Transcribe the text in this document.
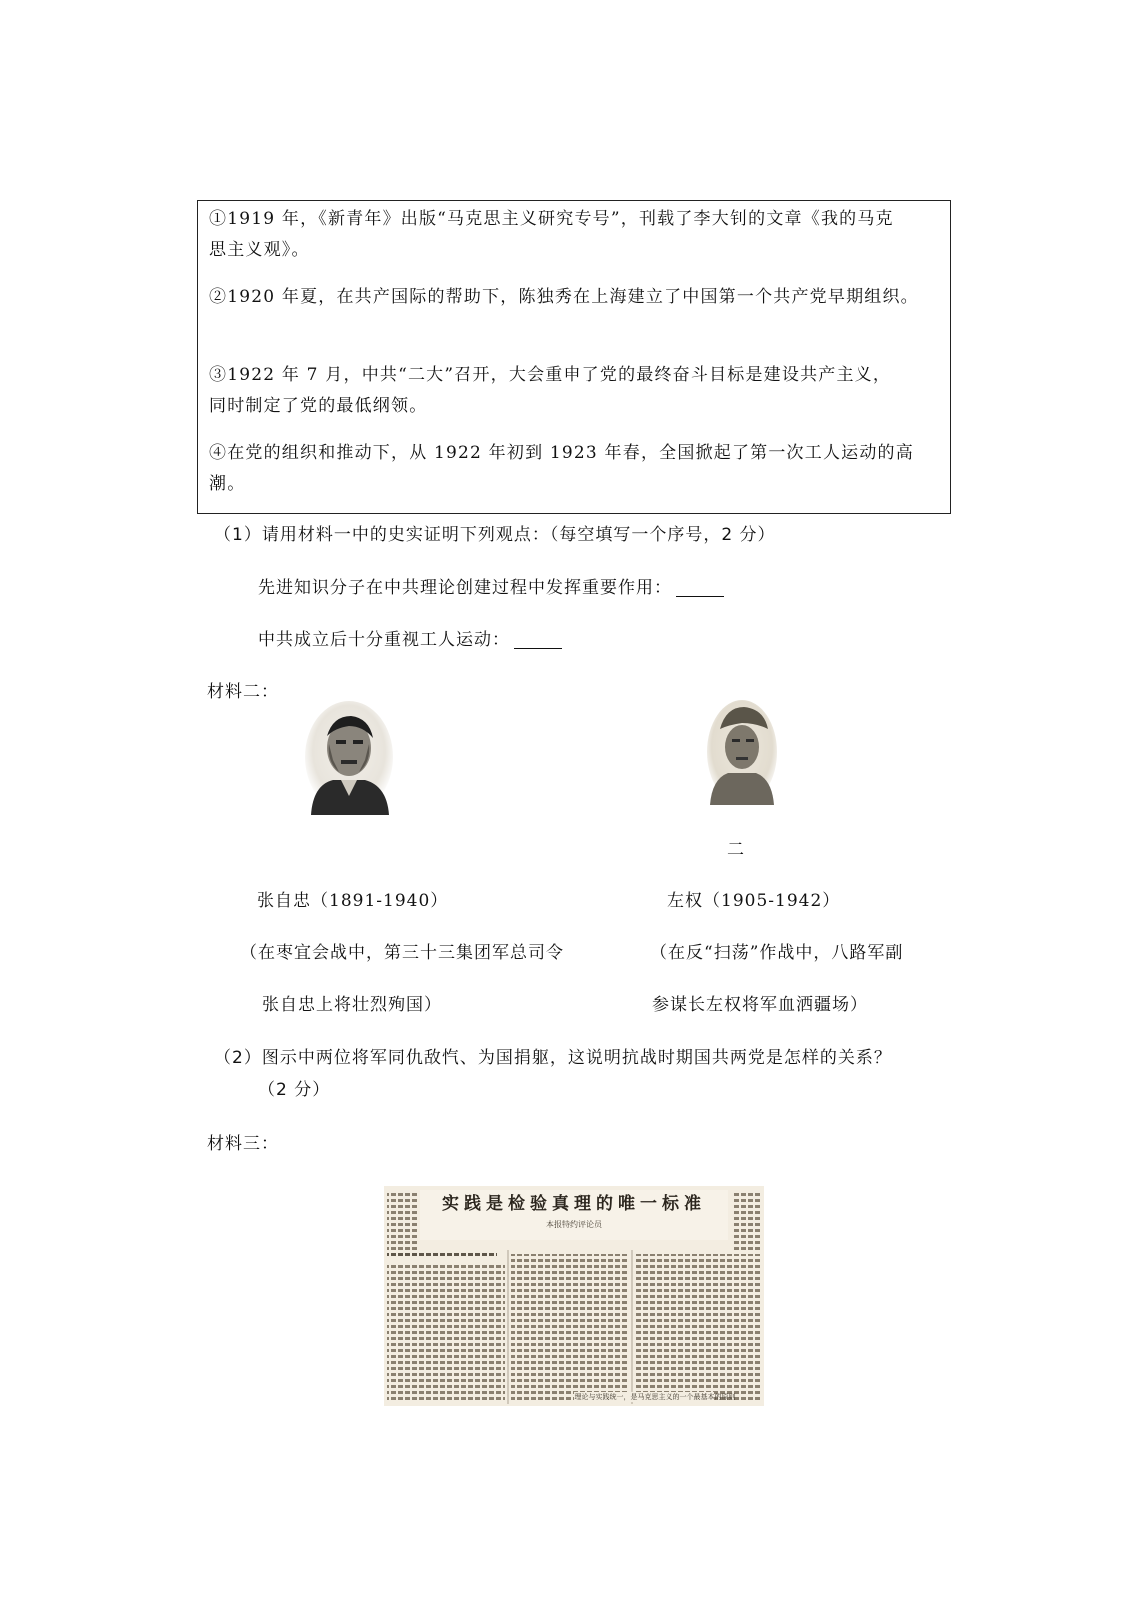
①1919 年，《新青年》出版“马克思主义研究专号”，刊载了李大钊的文章《我的马克
思主义观》。
②1920 年夏，在共产国际的帮助下，陈独秀在上海建立了中国第一个共产党早期组织。
③1922 年 7 月，中共“二大”召开，大会重申了党的最终奋斗目标是建设共产主义，
同时制定了党的最低纲领。
④在党的组织和推动下，从 1922 年初到 1923 年春，全国掀起了第一次工人运动的高
潮。
（1）请用材料一中的史实证明下列观点：（每空填写一个序号，2 分）
先进知识分子在中共理论创建过程中发挥重要作用：
中共成立后十分重视工人运动：
材料二：
二
张自忠（1891-1940）	左权（1905-1942）
（在枣宜会战中，第三十三集团军总司令	（在反“扫荡”作战中，八路军副
张自忠上将壮烈殉国）	参谋长左权将军血洒疆场）
（2）图示中两位将军同仇敌忾、为国捐躯，这说明抗战时期国共两党是怎样的关系？
（2 分）
材料三：
实践是检验真理的唯一标准
本报特约评论员
理论与实践统一，是马克思主义的一个最基本的原则
